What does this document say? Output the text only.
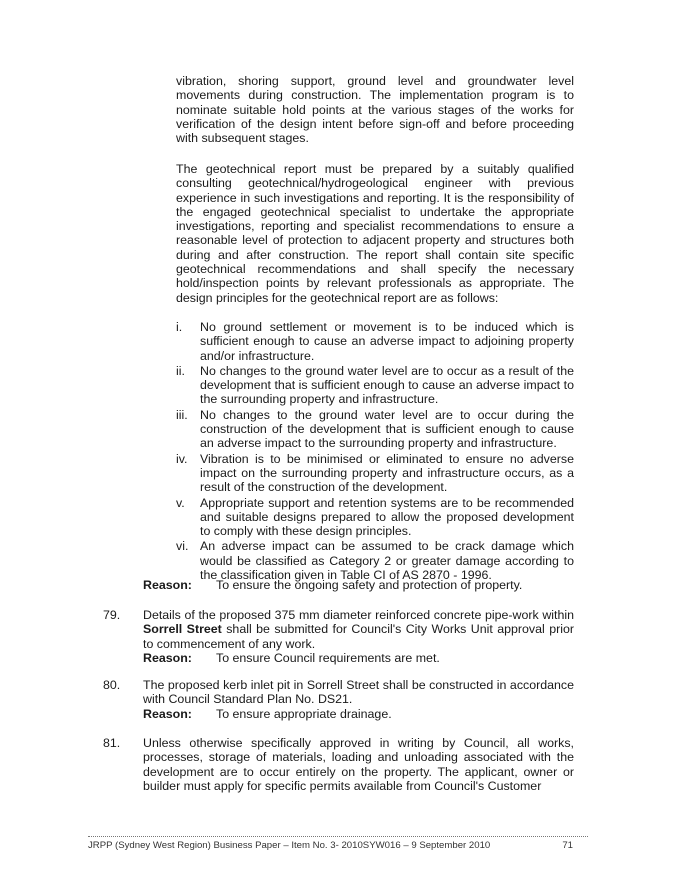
vibration, shoring support, ground level and groundwater level movements during construction. The implementation program is to nominate suitable hold points at the various stages of the works for verification of the design intent before sign-off and before proceeding with subsequent stages.

The geotechnical report must be prepared by a suitably qualified consulting geotechnical/hydrogeological engineer with previous experience in such investigations and reporting. It is the responsibility of the engaged geotechnical specialist to undertake the appropriate investigations, reporting and specialist recommendations to ensure a reasonable level of protection to adjacent property and structures both during and after construction. The report shall contain site specific geotechnical recommendations and shall specify the necessary hold/inspection points by relevant professionals as appropriate. The design principles for the geotechnical report are as follows:

i.	No ground settlement or movement is to be induced which is sufficient enough to cause an adverse impact to adjoining property and/or infrastructure.
ii.	No changes to the ground water level are to occur as a result of the development that is sufficient enough to cause an adverse impact to the surrounding property and infrastructure.
iii. No changes to the ground water level are to occur during the construction of the development that is sufficient enough to cause an adverse impact to the surrounding property and infrastructure.
iv.	Vibration is to be minimised or eliminated to ensure no adverse impact on the surrounding property and infrastructure occurs, as a result of the construction of the development.
v.	Appropriate support and retention systems are to be recommended and suitable designs prepared to allow the proposed development to comply with these design principles.
vi. An adverse impact can be assumed to be crack damage which would be classified as Category 2 or greater damage according to the classification given in Table CI of AS 2870 - 1996.
Reason:	To ensure the ongoing safety and protection of property.
79.	Details of the proposed 375 mm diameter reinforced concrete pipe-work within Sorrell Street shall be submitted for Council's City Works Unit approval prior to commencement of any work.
Reason:	To ensure Council requirements are met.
80.	The proposed kerb inlet pit in Sorrell Street shall be constructed in accordance with Council Standard Plan No. DS21.
Reason:	To ensure appropriate drainage.
81.	Unless otherwise specifically approved in writing by Council, all works, processes, storage of materials, loading and unloading associated with the development are to occur entirely on the property. The applicant, owner or builder must apply for specific permits available from Council's Customer
JRPP (Sydney West Region) Business Paper – Item No. 3- 2010SYW016 – 9 September 2010	71
